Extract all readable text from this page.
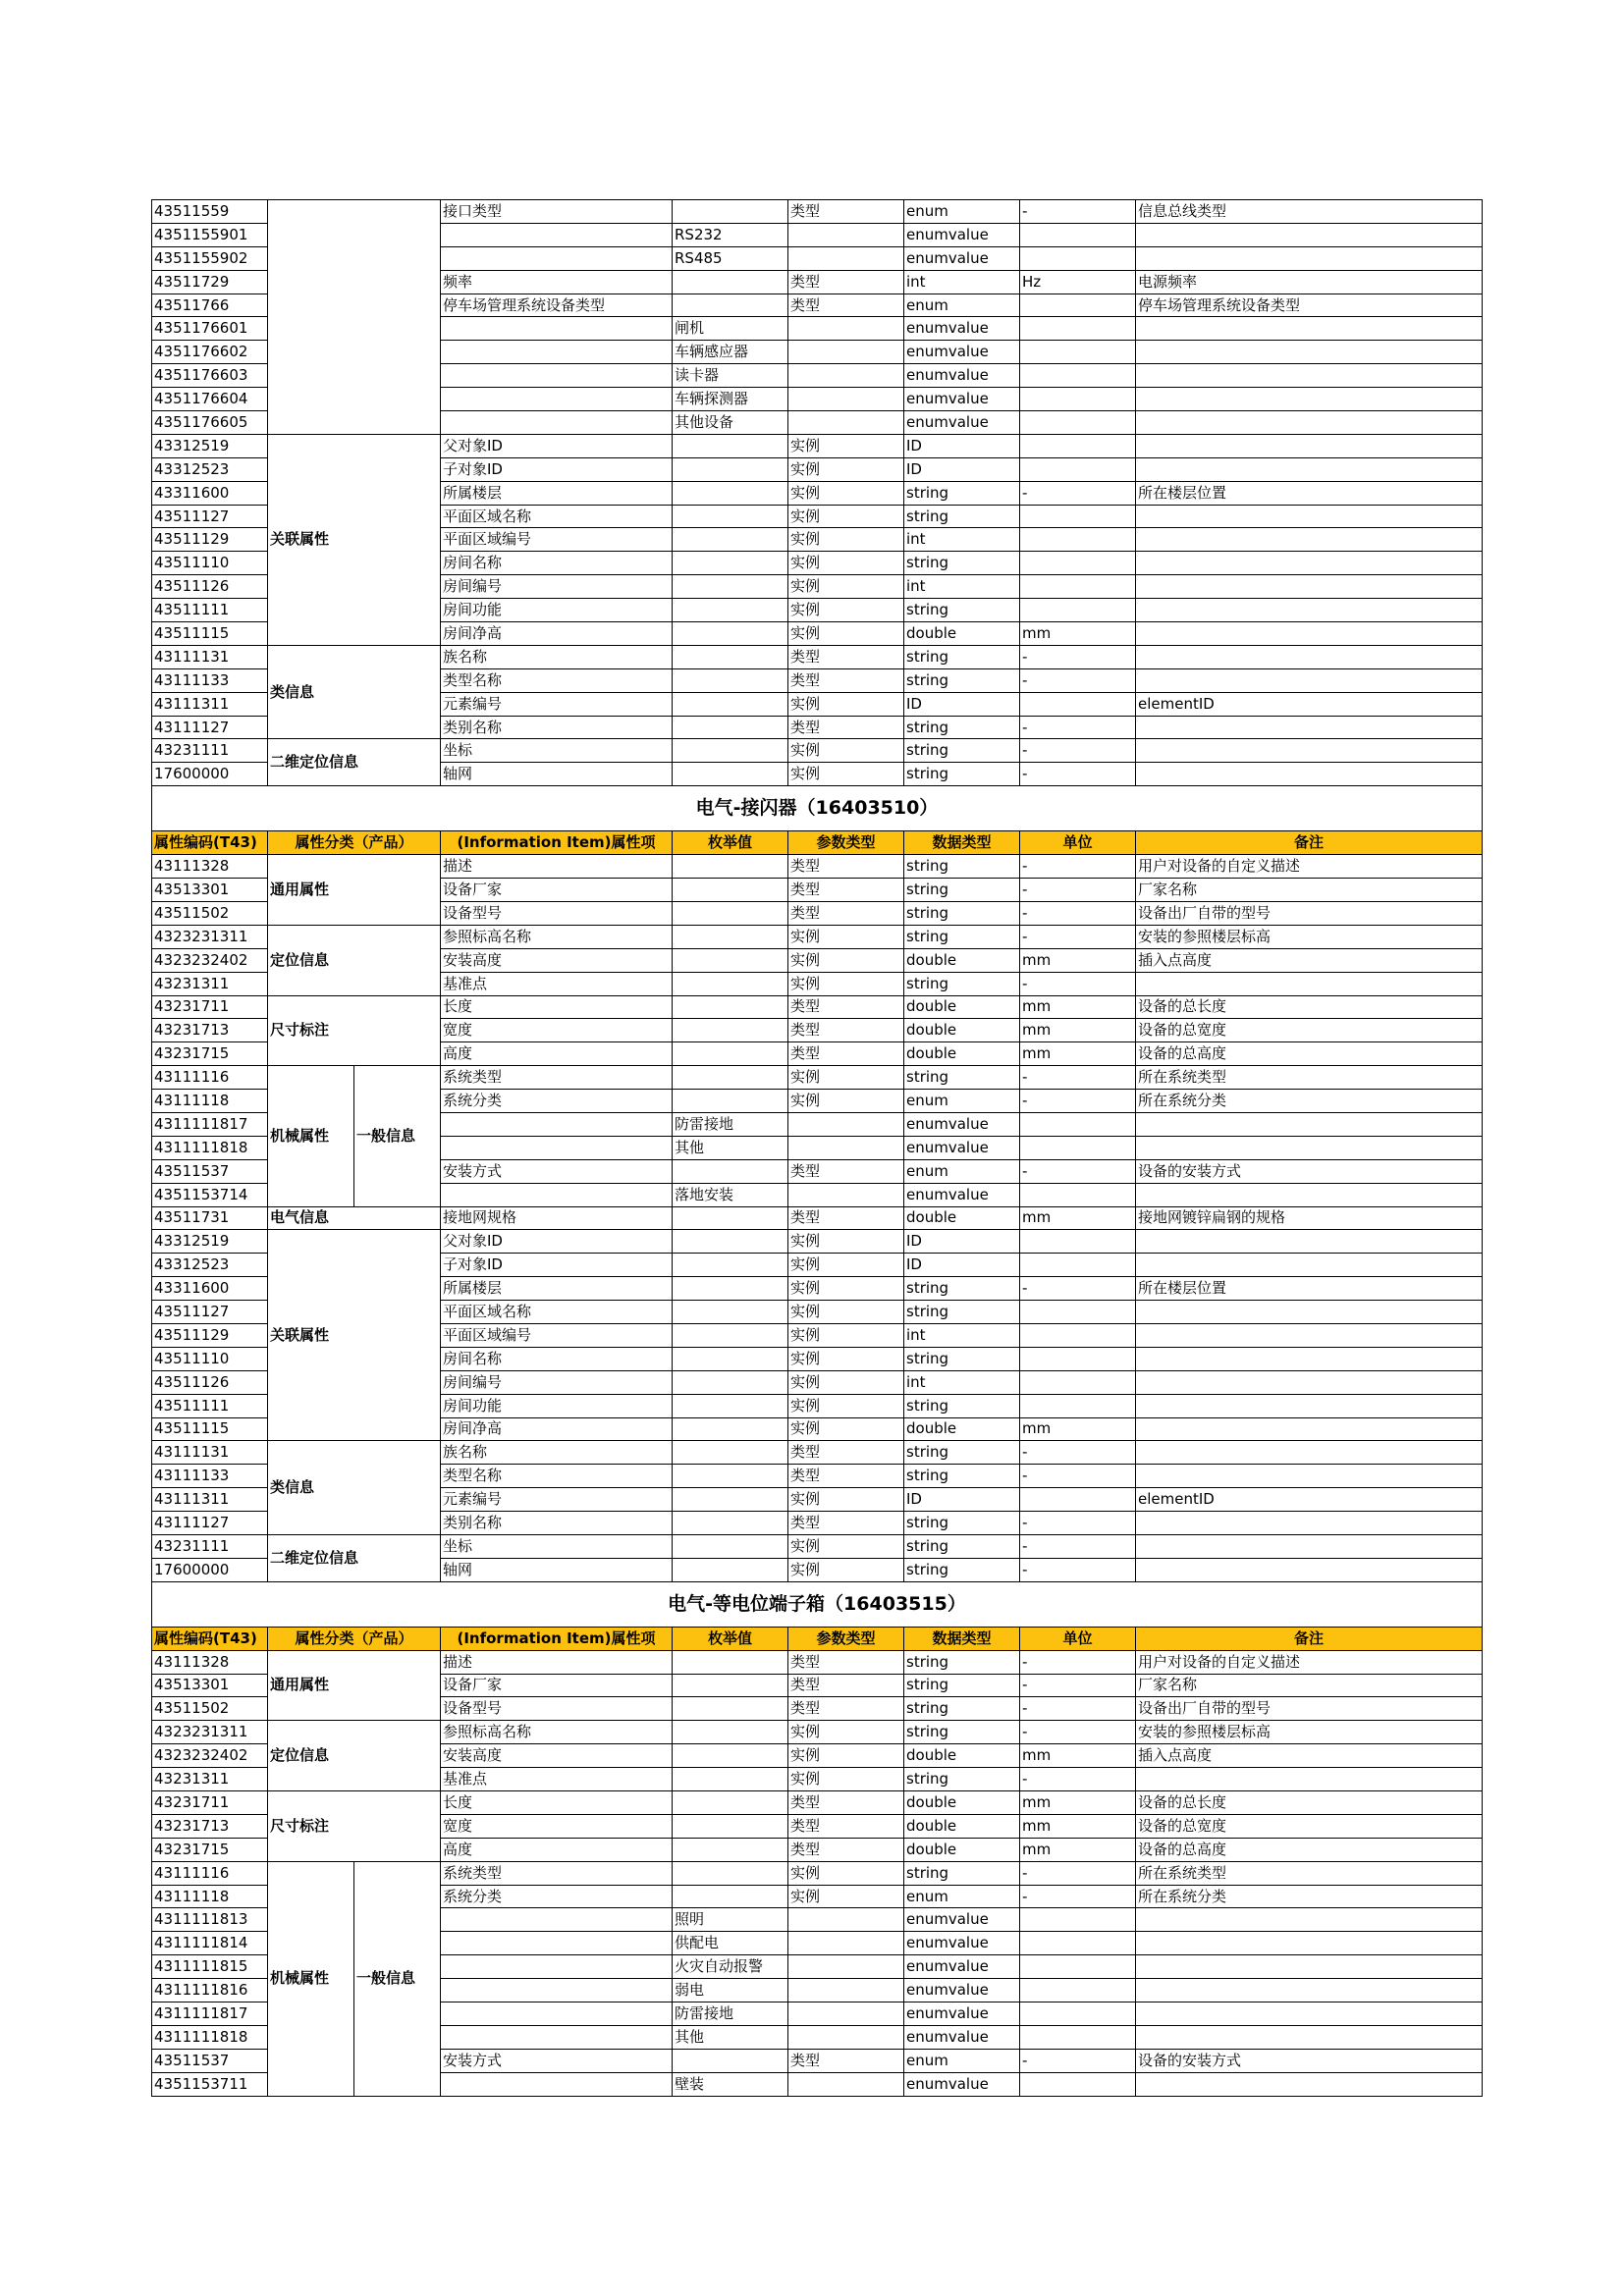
43511559			接口类型		类型	enum	-	信息总线类型
4351155901				RS232		enumvalue		
4351155902				RS485		enumvalue		
43511729			频率		类型	int	Hz	电源频率
43511766			停车场管理系统设备类型		类型	enum		停车场管理系统设备类型
4351176601				闸机		enumvalue		
4351176602				车辆感应器		enumvalue		
4351176603				读卡器		enumvalue		
4351176604				车辆探测器		enumvalue		
4351176605				其他设备		enumvalue		
43312519	关联属性		父对象ID		实例	ID		
43312523			子对象ID		实例	ID		
43311600			所属楼层		实例	string	-	所在楼层位置
43511127			平面区域名称		实例	string		
43511129			平面区域编号		实例	int		
43511110			房间名称		实例	string		
43511126			房间编号		实例	int		
43511111			房间功能		实例	string		
43511115			房间净高		实例	double	mm	
43111131	类信息		族名称		类型	string	-	
43111133			类型名称		类型	string	-	
43111311			元素编号		实例	ID		elementID
43111127			类别名称		类型	string	-	
43231111	二维定位信息		坐标		实例	string	-	
17600000			轴网		实例	string	-	
电气-接闪器（16403510）								
属性编码(T43)	属性分类（产品）		(Information Item)属性项	枚举值	参数类型	数据类型	单位	备注
43111328	通用属性		描述		类型	string	-	用户对设备的自定义描述
43513301			设备厂家		类型	string	-	厂家名称
43511502			设备型号		类型	string	-	设备出厂自带的型号
4323231311	定位信息		参照标高名称		实例	string	-	安装的参照楼层标高
4323232402			安装高度		实例	double	mm	插入点高度
43231311			基准点		实例	string	-	
43231711	尺寸标注		长度		类型	double	mm	设备的总长度
43231713			宽度		类型	double	mm	设备的总宽度
43231715			高度		类型	double	mm	设备的总高度
43111116	机械属性	一般信息	系统类型		实例	string	-	所在系统类型
43111118			系统分类		实例	enum	-	所在系统分类
4311111817				防雷接地		enumvalue		
4311111818				其他		enumvalue		
43511537			安装方式		类型	enum	-	设备的安装方式
4351153714				落地安装		enumvalue		
43511731	电气信息		接地网规格		类型	double	mm	接地网镀锌扁钢的规格
43312519	关联属性		父对象ID		实例	ID		
43312523			子对象ID		实例	ID		
43311600			所属楼层		实例	string	-	所在楼层位置
43511127			平面区域名称		实例	string		
43511129			平面区域编号		实例	int		
43511110			房间名称		实例	string		
43511126			房间编号		实例	int		
43511111			房间功能		实例	string		
43511115			房间净高		实例	double	mm	
43111131	类信息		族名称		类型	string	-	
43111133			类型名称		类型	string	-	
43111311			元素编号		实例	ID		elementID
43111127			类别名称		类型	string	-	
43231111	二维定位信息		坐标		实例	string	-	
17600000			轴网		实例	string	-	
电气-等电位端子箱（16403515）								
属性编码(T43)	属性分类（产品）		(Information Item)属性项	枚举值	参数类型	数据类型	单位	备注
43111328	通用属性		描述		类型	string	-	用户对设备的自定义描述
43513301			设备厂家		类型	string	-	厂家名称
43511502			设备型号		类型	string	-	设备出厂自带的型号
4323231311	定位信息		参照标高名称		实例	string	-	安装的参照楼层标高
4323232402			安装高度		实例	double	mm	插入点高度
43231311			基准点		实例	string	-	
43231711	尺寸标注		长度		类型	double	mm	设备的总长度
43231713			宽度		类型	double	mm	设备的总宽度
43231715			高度		类型	double	mm	设备的总高度
43111116	机械属性	一般信息	系统类型		实例	string	-	所在系统类型
43111118			系统分类		实例	enum	-	所在系统分类
4311111813				照明		enumvalue		
4311111814				供配电		enumvalue		
4311111815				火灾自动报警		enumvalue		
4311111816				弱电		enumvalue		
4311111817				防雷接地		enumvalue		
4311111818				其他		enumvalue		
43511537			安装方式		类型	enum	-	设备的安装方式
4351153711				壁装		enumvalue		
